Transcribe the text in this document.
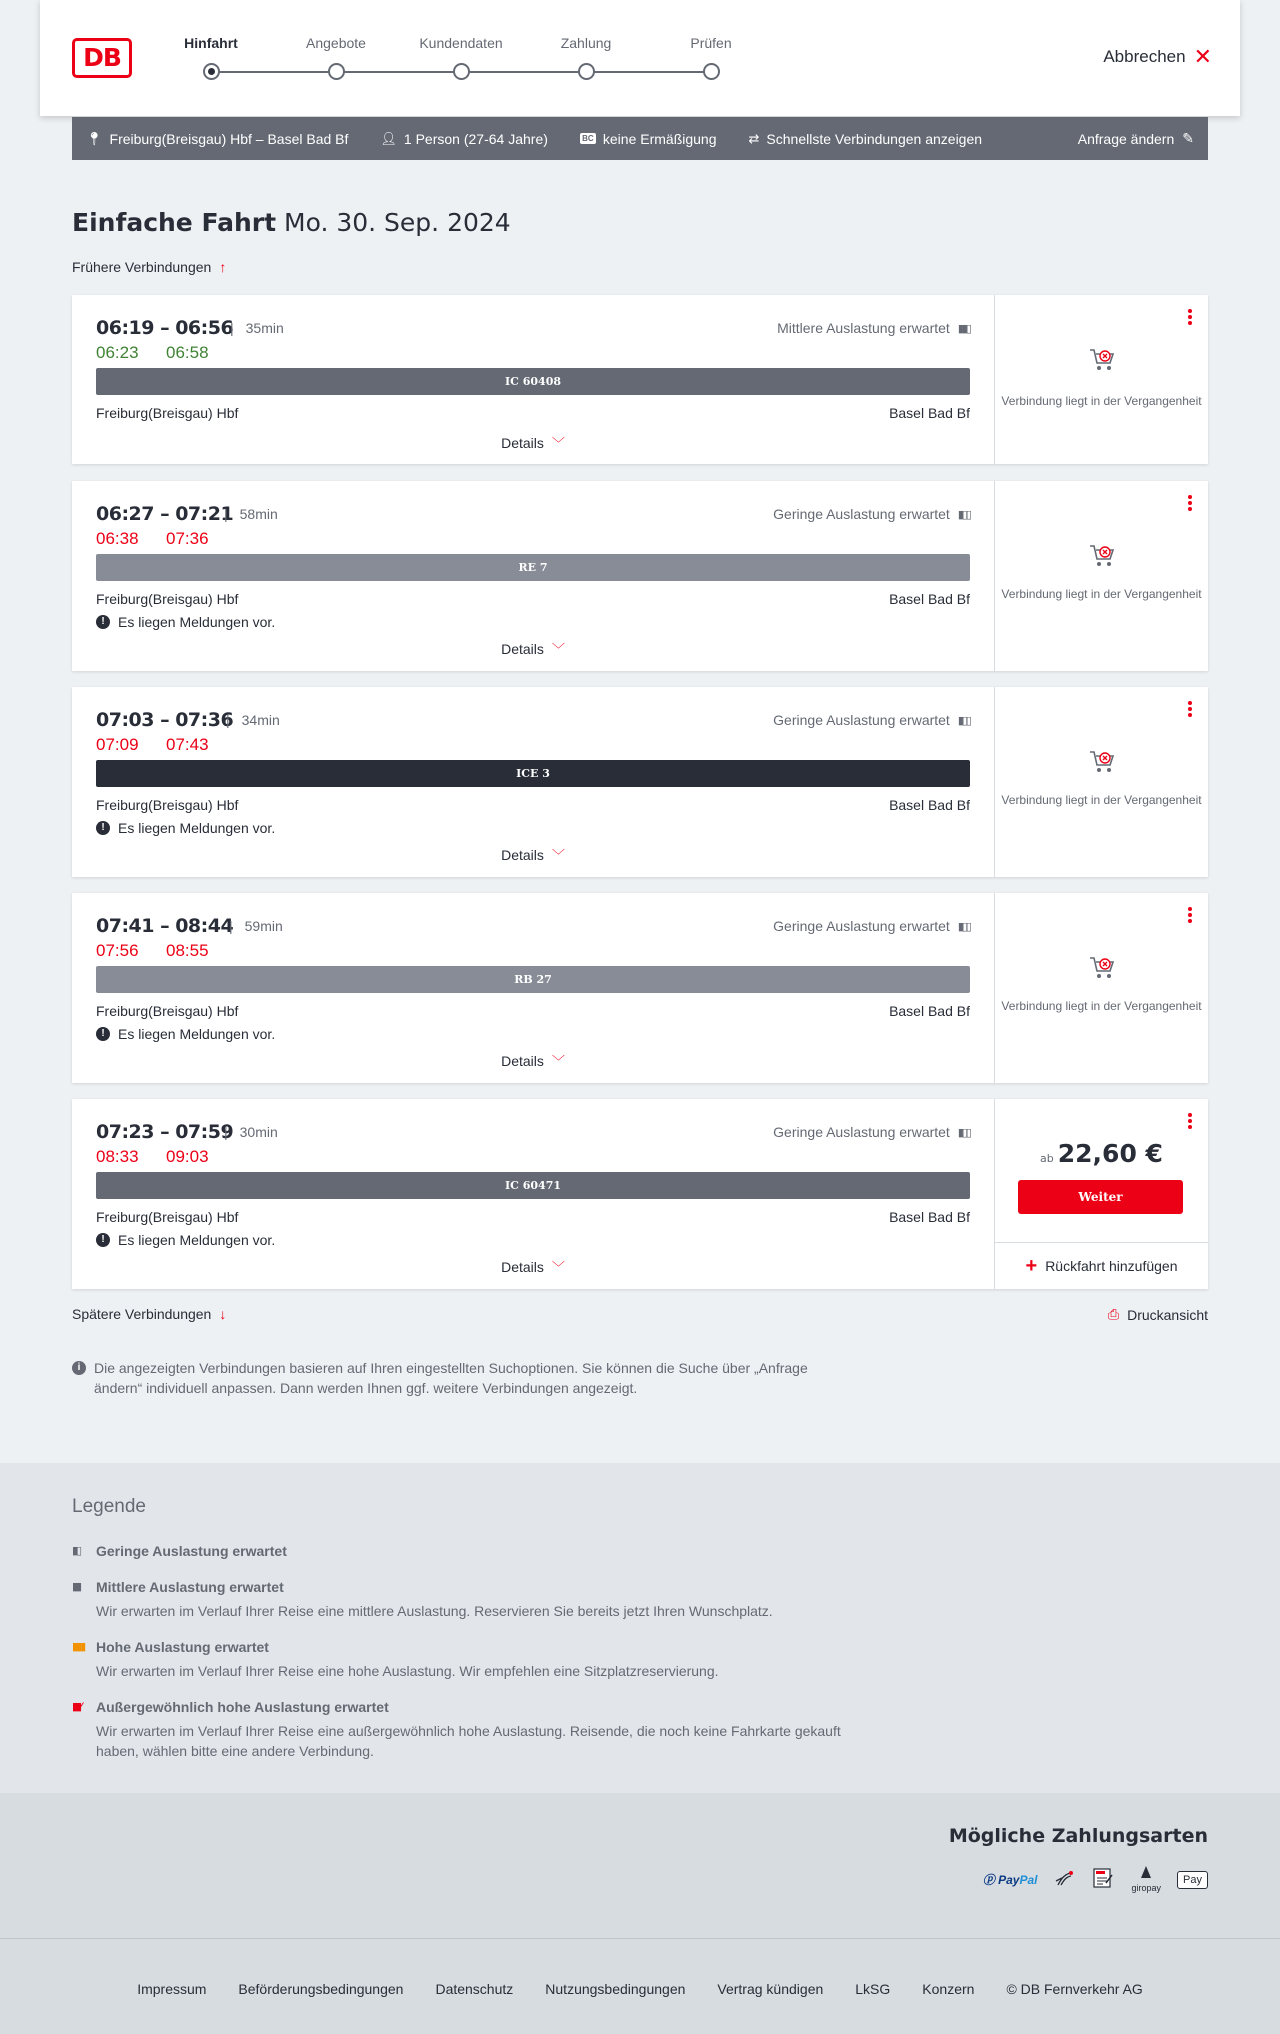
DB	Hinfahrt	Angebote	Kundendaten	Zahlung	Prüfen
Abbrechen ✕
📍︎ Freiburg(Breisgau) Hbf – Basel Bad Bf 👤︎ 1 Person (27-64 Jahre)	BC keine Ermäßigung ⇄ Schnellste Verbindungen anzeigen	Anfrage ändern ✎
Einfache Fahrt Mo. 30. Sep. 2024
Frühere Verbindungen ↑
06:19 – 06:56 | 35min
06:23 06:58
Mittlere Auslastung erwartet ▮▮▯
IC 60408
Freiburg(Breisgau) Hbf	Basel Bad Bf
Details ﹀
Verbindung liegt in der Vergangenheit
06:27 – 07:21 | 58min
06:38 07:36
Geringe Auslastung erwartet ▮▯▯
RE 7
Freiburg(Breisgau) Hbf	Basel Bad Bf
! Es liegen Meldungen vor.
Details ﹀
Verbindung liegt in der Vergangenheit
07:03 – 07:36 | 34min
07:09 07:43
Geringe Auslastung erwartet ▮▯▯
ICE 3
Freiburg(Breisgau) Hbf	Basel Bad Bf
! Es liegen Meldungen vor.
Details ﹀
Verbindung liegt in der Vergangenheit
07:41 – 08:44 | 59min
07:56 08:55
Geringe Auslastung erwartet ▮▯▯
RB 27
Freiburg(Breisgau) Hbf	Basel Bad Bf
! Es liegen Meldungen vor.
Details ﹀
Verbindung liegt in der Vergangenheit
07:23 – 07:59 | 30min
08:33 09:03
Geringe Auslastung erwartet ▮▯▯
IC 60471
Freiburg(Breisgau) Hbf	Basel Bad Bf
! Es liegen Meldungen vor.
Details ﹀
ab 22,60 €
Weiter
+ Rückfahrt hinzufügen
Spätere Verbindungen ↓	⎙ Druckansicht
i Die angezeigten Verbindungen basieren auf Ihren eingestellten Suchoptionen. Sie können die Suche über „Anfrage ändern“ individuell anpassen. Dann werden Ihnen ggf. weitere Verbindungen angezeigt.
Legende
▮▯	Geringe Auslastung erwartet
▮▮	Mittlere Auslastung erwartet
Wir erwarten im Verlauf Ihrer Reise eine mittlere Auslastung. Reservieren Sie bereits jetzt Ihren Wunschplatz.
▮▮▮ Hohe Auslastung erwartet
Wir erwarten im Verlauf Ihrer Reise eine hohe Auslastung. Wir empfehlen eine Sitzplatzreservierung.
▮▮⁄	Außergewöhnlich hohe Auslastung erwartet
Wir erwarten im Verlauf Ihrer Reise eine außergewöhnlich hohe Auslastung. Reisende, die noch keine Fahrkarte gekauft haben, wählen bitte eine andere Verbindung.
Mögliche Zahlungsarten
ⓟ PayPal

giropay
Pay
Impressum Beförderungsbedingungen Datenschutz Nutzungsbedingungen Vertrag kündigen LkSG Konzern © DB Fernverkehr AG
